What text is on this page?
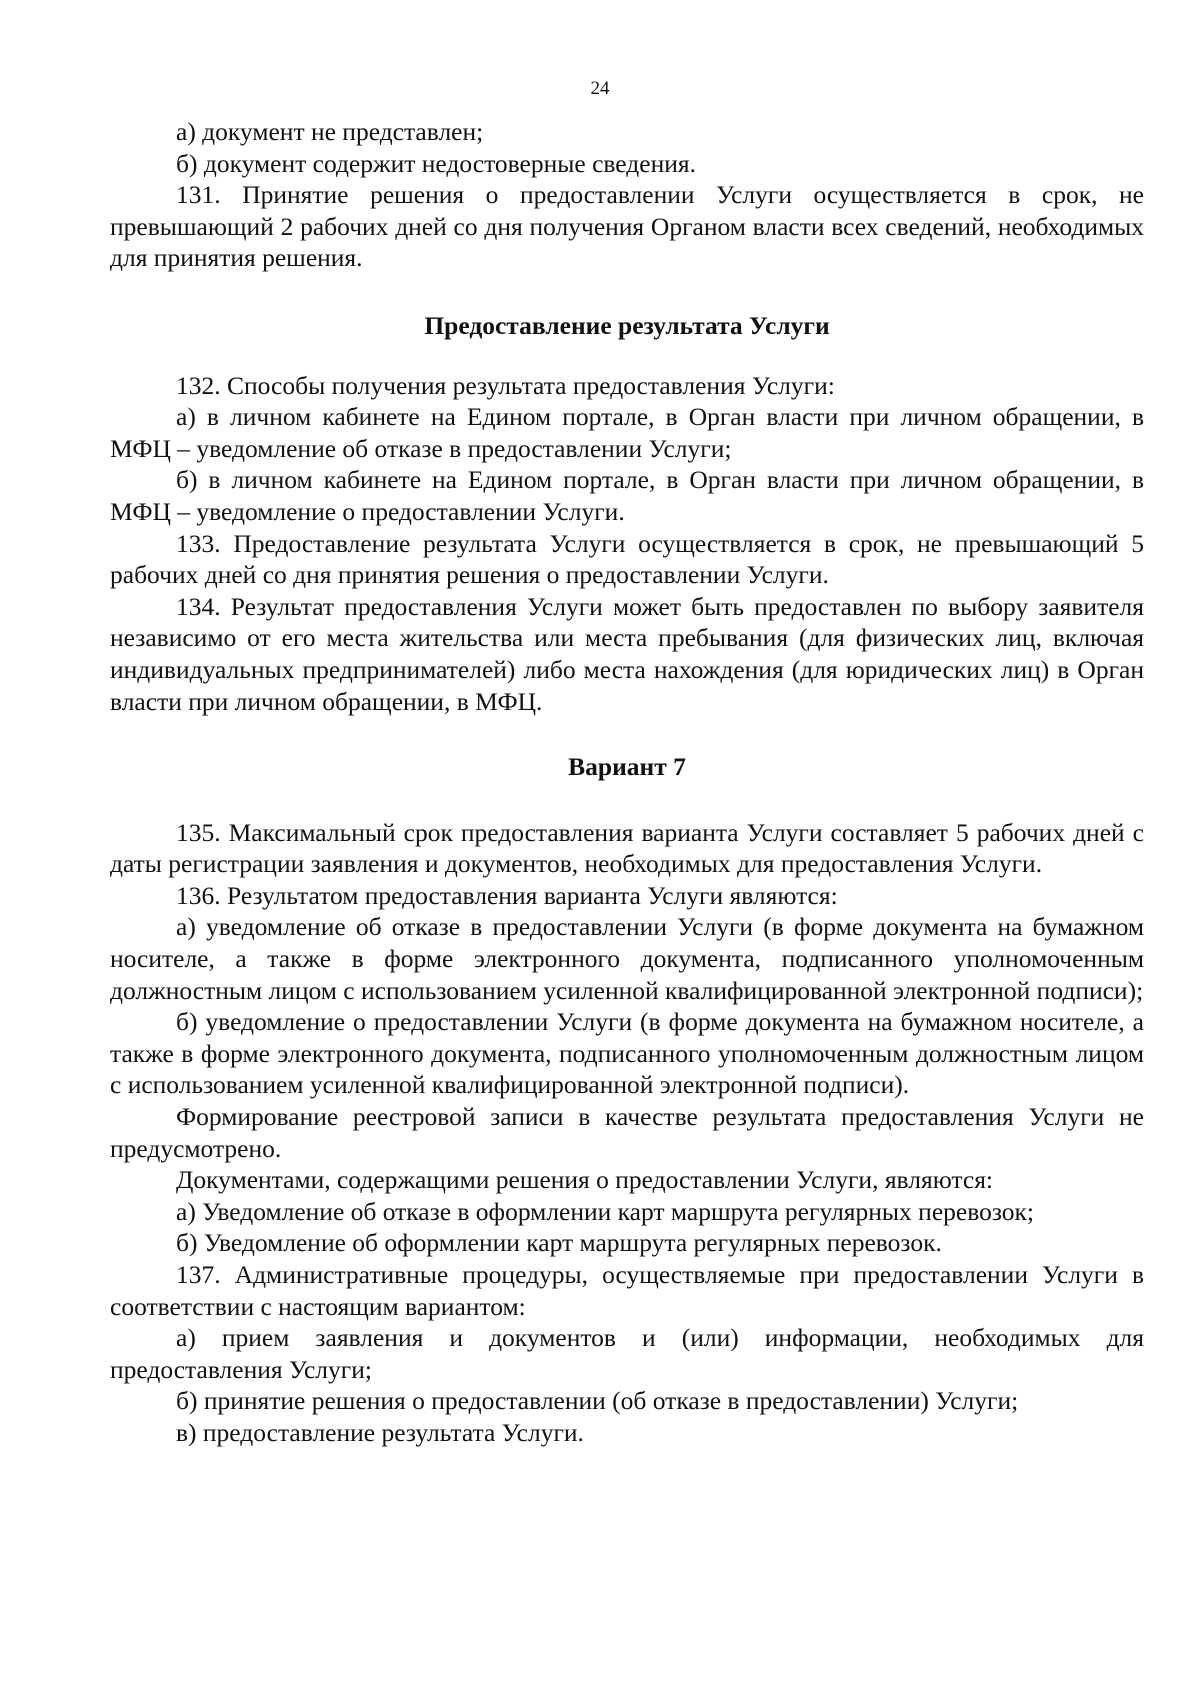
24

а) документ не представлен;

б) документ содержит недостоверные сведения.

131. Принятие решения о предоставлении Услуги осуществляется в срок, не превышающий 2 рабочих дней со дня получения Органом власти всех сведений, необходимых для принятия решения.

Предоставление результата Услуги

132. Способы получения результата предоставления Услуги:

а) в личном кабинете на Едином портале, в Орган власти при личном обращении, в МФЦ – уведомление об отказе в предоставлении Услуги;

б) в личном кабинете на Едином портале, в Орган власти при личном обращении, в МФЦ – уведомление о предоставлении Услуги.

133. Предоставление результата Услуги осуществляется в срок, не превышающий 5 рабочих дней со дня принятия решения о предоставлении Услуги.

134. Результат предоставления Услуги может быть предоставлен по выбору заявителя независимо от его места жительства или места пребывания (для физических лиц, включая индивидуальных предпринимателей) либо места нахождения (для юридических лиц) в Орган власти при личном обращении, в МФЦ.

Вариант 7

135. Максимальный срок предоставления варианта Услуги составляет 5 рабочих дней с даты регистрации заявления и документов, необходимых для предоставления Услуги.

136. Результатом предоставления варианта Услуги являются:

а) уведомление об отказе в предоставлении Услуги (в форме документа на бумажном носителе, а также в форме электронного документа, подписанного уполномоченным должностным лицом с использованием усиленной квалифицированной электронной подписи);

б) уведомление о предоставлении Услуги (в форме документа на бумажном носителе, а также в форме электронного документа, подписанного уполномоченным должностным лицом с использованием усиленной квалифицированной электронной подписи).

Формирование реестровой записи в качестве результата предоставления Услуги не предусмотрено.

Документами, содержащими решения о предоставлении Услуги, являются:

а) Уведомление об отказе в оформлении карт маршрута регулярных перевозок;

б) Уведомление об оформлении карт маршрута регулярных перевозок.

137. Административные процедуры, осуществляемые при предоставлении Услуги в соответствии с настоящим вариантом:

а) прием заявления и документов и (или) информации, необходимых для предоставления Услуги;

б) принятие решения о предоставлении (об отказе в предоставлении) Услуги;

в) предоставление результата Услуги.
